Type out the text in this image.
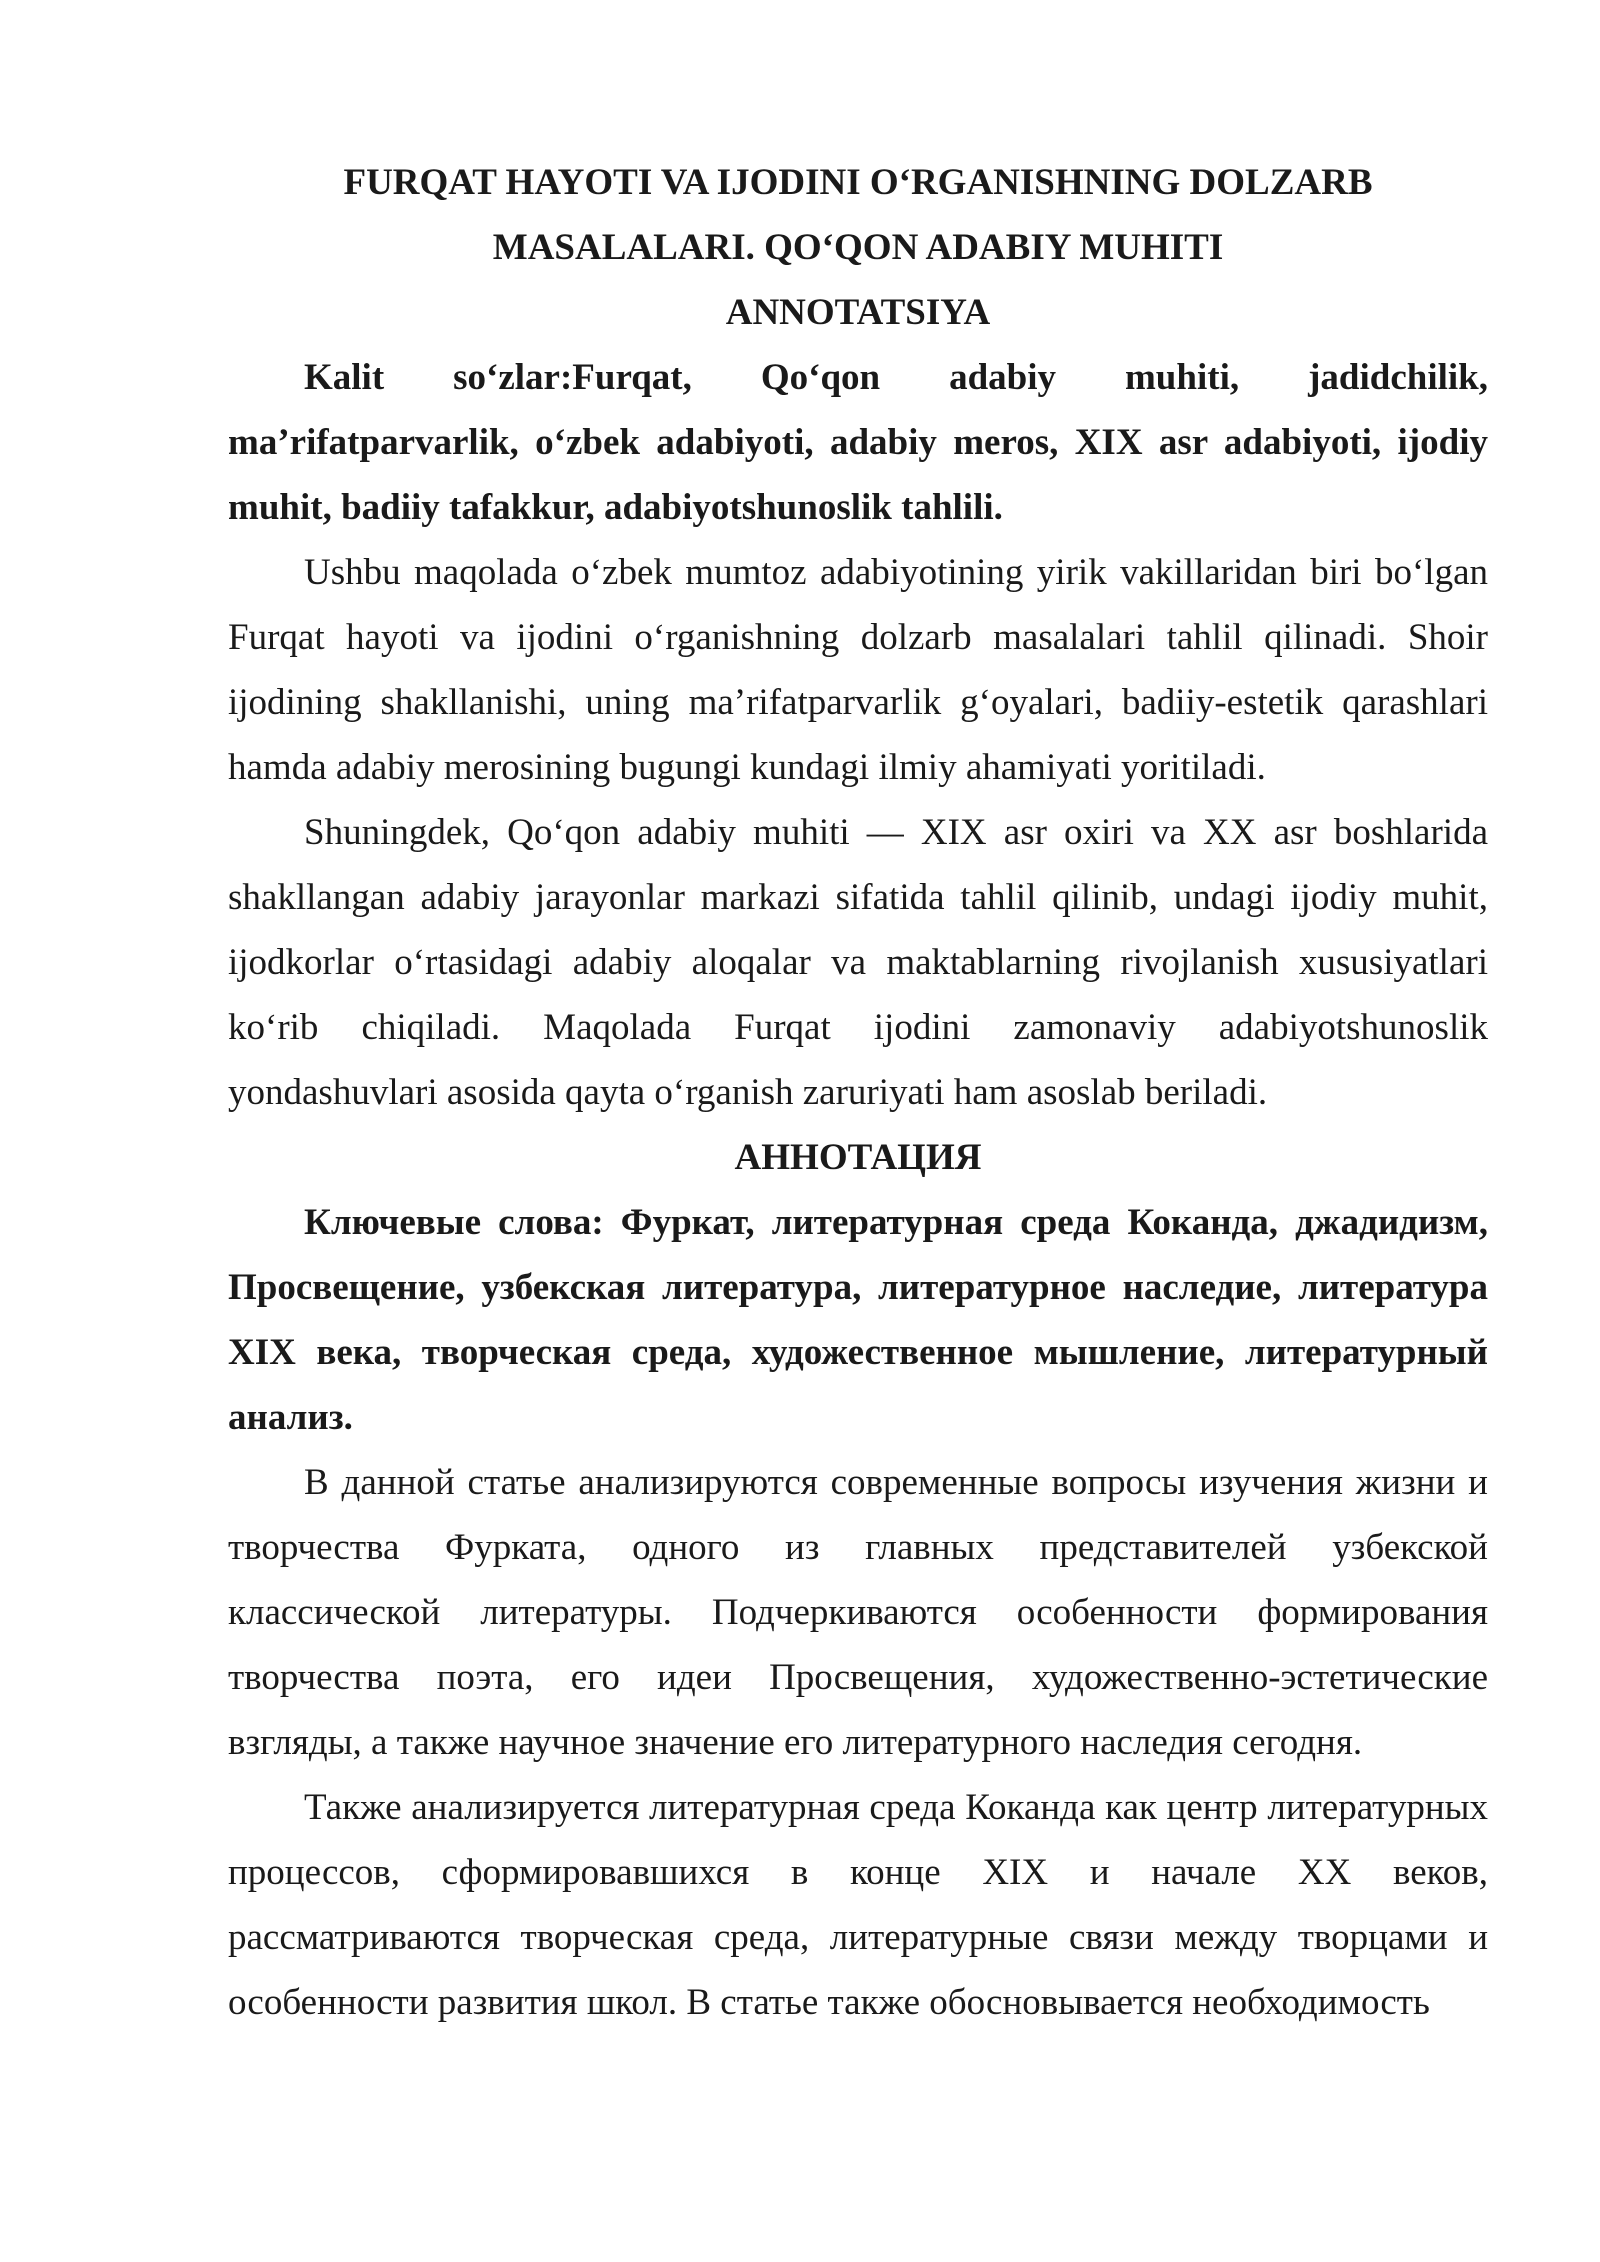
FURQAT HAYOTI VA IJODINI O‘RGANISHNING DOLZARB

MASALALARI. QO‘QON ADABIY MUHITI

ANNOTATSIYA

Kalit so‘zlar:Furqat, Qo‘qon adabiy muhiti, jadidchilik, ma’rifatparvarlik, o‘zbek adabiyoti, adabiy meros, XIX asr adabiyoti, ijodiy muhit, badiiy tafakkur, adabiyotshunoslik tahlili.

Ushbu maqolada o‘zbek mumtoz adabiyotining yirik vakillaridan biri bo‘lgan Furqat hayoti va ijodini o‘rganishning dolzarb masalalari tahlil qilinadi. Shoir ijodining shakllanishi, uning ma’rifatparvarlik g‘oyalari, badiiy-estetik qarashlari hamda adabiy merosining bugungi kundagi ilmiy ahamiyati yoritiladi.

Shuningdek, Qo‘qon adabiy muhiti — XIX asr oxiri va XX asr boshlarida shakllangan adabiy jarayonlar markazi sifatida tahlil qilinib, undagi ijodiy muhit, ijodkorlar o‘rtasidagi adabiy aloqalar va maktablarning rivojlanish xususiyatlari ko‘rib chiqiladi. Maqolada Furqat ijodini zamonaviy adabiyotshunoslik yondashuvlari asosida qayta o‘rganish zaruriyati ham asoslab beriladi.

АННОТАЦИЯ

Ключевые слова: Фуркат, литературная среда Коканда, джадидизм, Просвещение, узбекская литература, литературное наследие, литература XIX века, творческая среда, художественное мышление, литературный анализ.

В данной статье анализируются современные вопросы изучения жизни и творчества Фурката, одного из главных представителей узбекской классической литературы. Подчеркиваются особенности формирования творчества поэта, его идеи Просвещения, художественно-эстетические взгляды, а также научное значение его литературного наследия сегодня.

Также анализируется литературная среда Коканда как центр литературных процессов, сформировавшихся в конце XIX и начале XX веков, рассматриваются творческая среда, литературные связи между творцами и особенности развития школ. В статье также обосновывается необходимость
